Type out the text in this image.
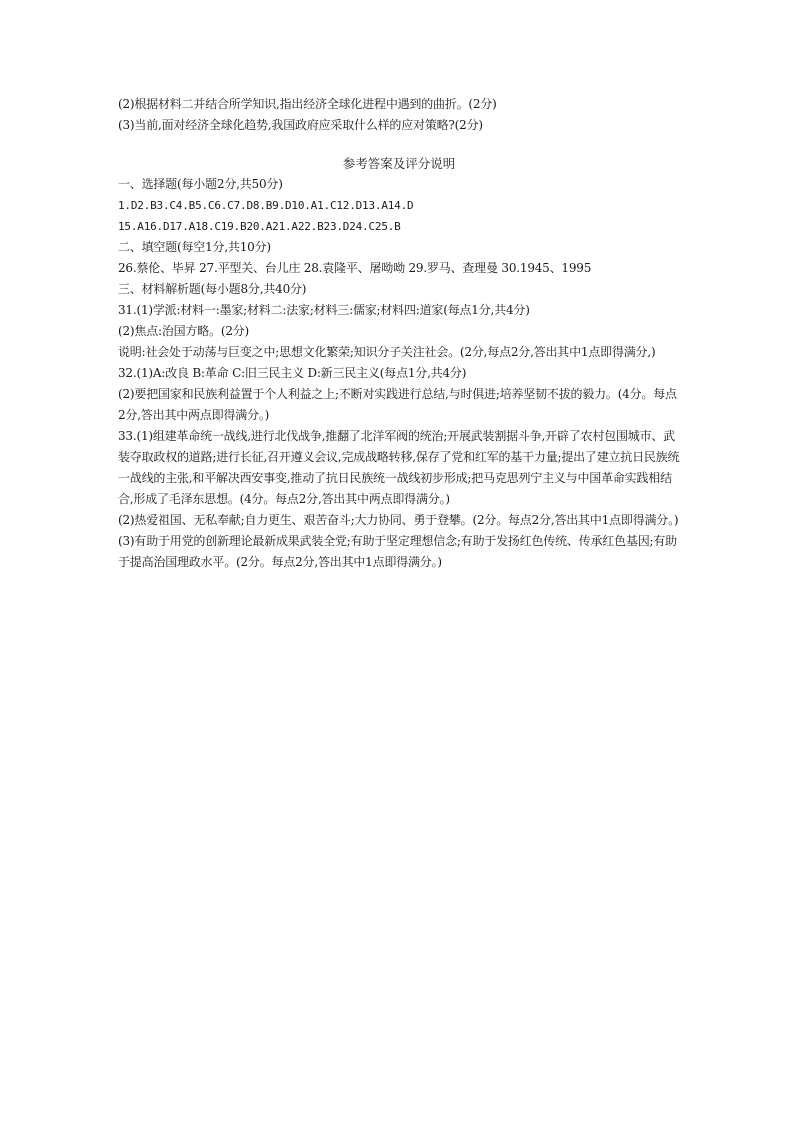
(2)根据材料二并结合所学知识,指出经济全球化进程中遇到的曲折。(2分)
(3)当前,面对经济全球化趋势,我国政府应采取什么样的应对策略?(2分)
参考答案及评分说明
一、选择题(每小题2分,共50分)
1.D2.B3.C4.B5.C6.C7.D8.B9.D10.A1.C12.D13.A14.D
15.A16.D17.A18.C19.B20.A21.A22.B23.D24.C25.B
二、填空题(每空1分,共10分)
26.蔡伦、毕昇 27.平型关、台儿庄 28.袁隆平、屠呦呦 29.罗马、查理曼 30.1945、1995
三、材料解析题(每小题8分,共40分)
31.(1)学派:材料一:墨家;材料二:法家;材料三:儒家;材料四:道家(每点1分,共4分)
(2)焦点:治国方略。(2分)
说明:社会处于动荡与巨变之中;思想文化繁荣;知识分子关注社会。(2分,每点2分,答出其中1点即得满分,)
32.(1)A:改良 B:革命 C:旧三民主义 D:新三民主义(每点1分,共4分)
(2)要把国家和民族利益置于个人利益之上;不断对实践进行总结,与时俱进;培养坚韧不拔的毅力。(4分。每点2分,答出其中两点即得满分。)
33.(1)组建革命统一战线,进行北伐战争,推翻了北洋军阀的统治;开展武装割据斗争,开辟了农村包围城市、武装夺取政权的道路;进行长征,召开遵义会议,完成战略转移,保存了党和红军的基干力量;提出了建立抗日民族统一战线的主张,和平解决西安事变,推动了抗日民族统一战线初步形成;把马克思列宁主义与中国革命实践相结合,形成了毛泽东思想。(4分。每点2分,答出其中两点即得满分。)
(2)热爱祖国、无私奉献;自力更生、艰苦奋斗;大力协同、勇于登攀。(2分。每点2分,答出其中1点即得满分。)
(3)有助于用党的创新理论最新成果武装全党;有助于坚定理想信念;有助于发扬红色传统、传承红色基因;有助于提高治国理政水平。(2分。每点2分,答出其中1点即得满分。)
